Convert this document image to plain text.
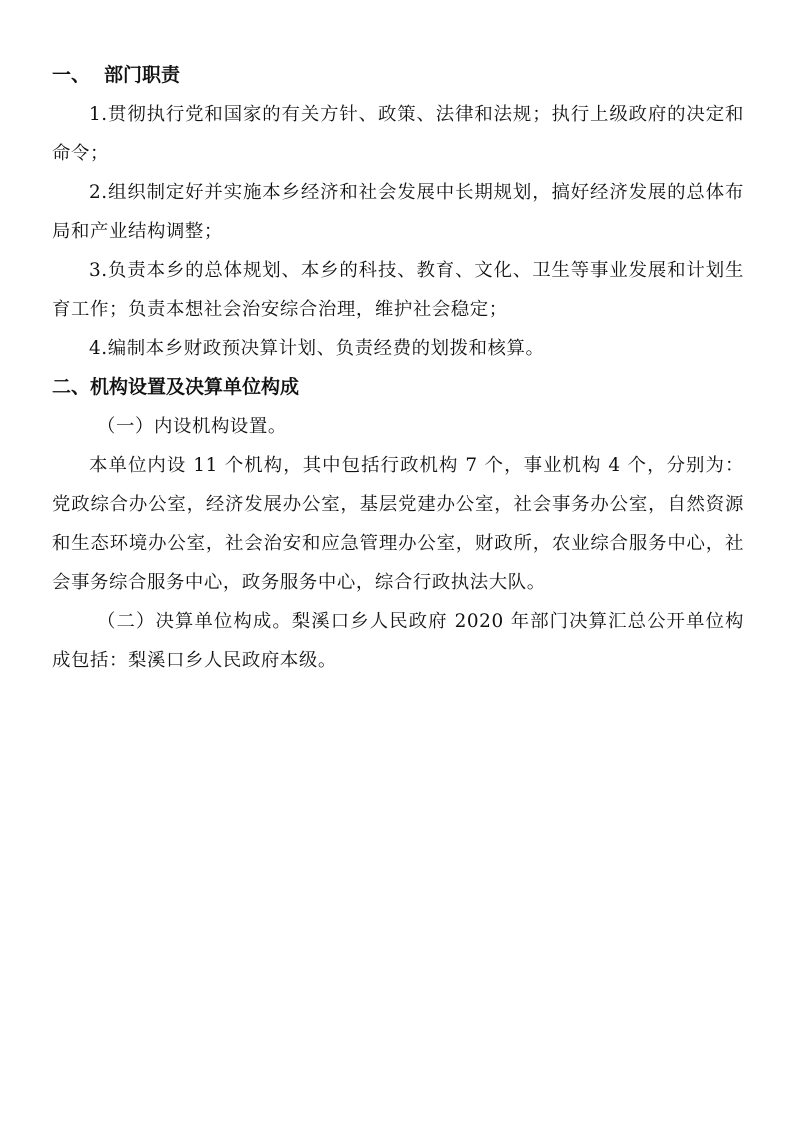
一、 部门职责

1.贯彻执行党和国家的有关方针、政策、法律和法规；执行上级政府的决定和命令；

2.组织制定好并实施本乡经济和社会发展中长期规划，搞好经济发展的总体布局和产业结构调整；

3.负责本乡的总体规划、本乡的科技、教育、文化、卫生等事业发展和计划生育工作；负责本想社会治安综合治理，维护社会稳定；

4.编制本乡财政预决算计划、负责经费的划拨和核算。

二、机构设置及决算单位构成

（一）内设机构设置。

本单位内设 11 个机构，其中包括行政机构 7 个，事业机构 4 个，分别为：党政综合办公室，经济发展办公室，基层党建办公室，社会事务办公室，自然资源和生态环境办公室，社会治安和应急管理办公室，财政所，农业综合服务中心，社会事务综合服务中心，政务服务中心，综合行政执法大队。

（二）决算单位构成。梨溪口乡人民政府 2020 年部门决算汇总公开单位构成包括：梨溪口乡人民政府本级。
